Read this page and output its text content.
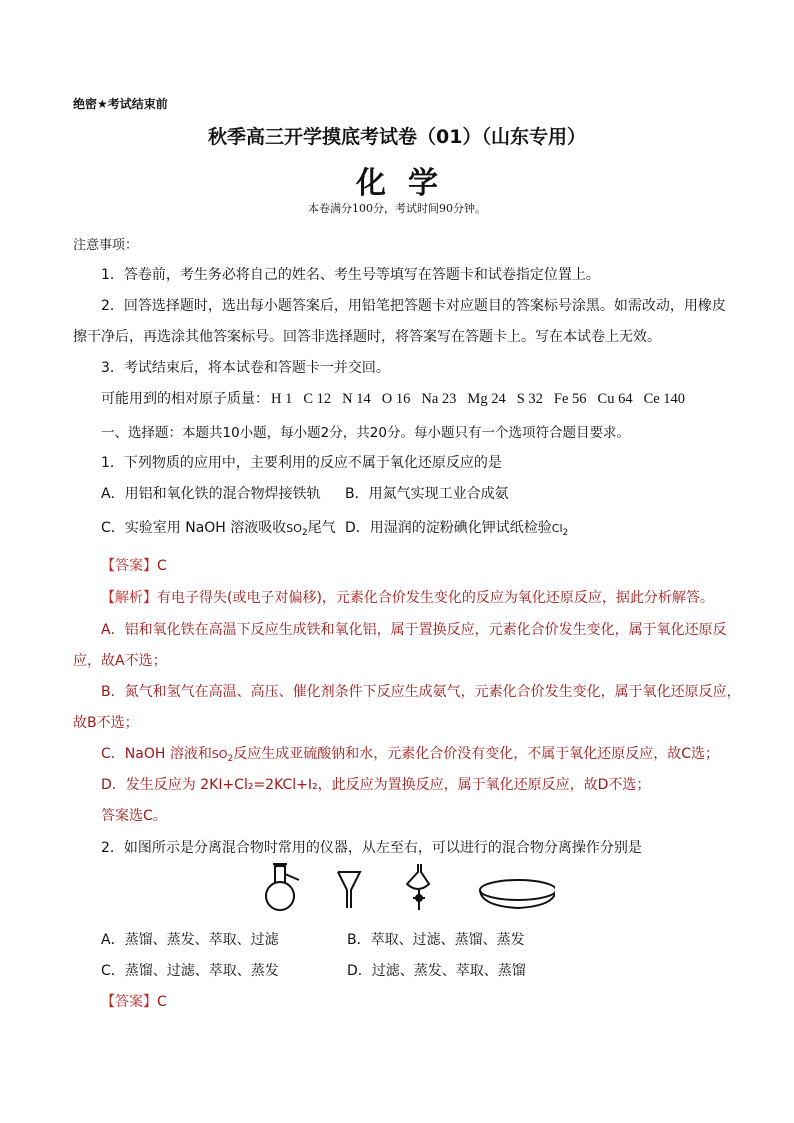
绝密★考试结束前
秋季高三开学摸底考试卷（01）（山东专用）
化学
本卷满分100分，考试时间90分钟。
注意事项：
1．答卷前，考生务必将自己的姓名、考生号等填写在答题卡和试卷指定位置上。
2．回答选择题时，选出每小题答案后，用铅笔把答题卡对应题目的答案标号涂黑。如需改动，用橡皮
擦干净后，再选涂其他答案标号。回答非选择题时，将答案写在答题卡上。写在本试卷上无效。
3．考试结束后，将本试卷和答题卡一并交回。
可能用到的相对原子质量： H 1 C 12 N 14 O 16 Na 23 Mg 24 S 32 Fe 56 Cu 64 Ce 140
一、选择题：本题共10小题，每小题2分，共20分。每小题只有一个选项符合题目要求。
1．下列物质的应用中，主要利用的反应不属于氧化还原反应的是
A．用铝和氧化铁的混合物焊接铁轨 B．用氮气实现工业合成氨
C．实验室用 NaOH 溶液吸收$SO_2$尾气 D．用湿润的淀粉碘化钾试纸检验$Cl_2$
【答案】C
【解析】有电子得失(或电子对偏移)，元素化合价发生变化的反应为氧化还原反应，据此分析解答。
A．铝和氧化铁在高温下反应生成铁和氧化铝，属于置换反应，元素化合价发生变化，属于氧化还原反
应，故A不选；
B．氮气和氢气在高温、高压、催化剂条件下反应生成氨气，元素化合价发生变化，属于氧化还原反应，
故B不选；
C．NaOH 溶液和$SO_2$反应生成亚硫酸钠和水，元素化合价没有变化，不属于氧化还原反应，故C选；
D．发生反应为 2KI+Cl₂=2KCl+I₂，此反应为置换反应，属于氧化还原反应，故D不选；
答案选C。
2．如图所示是分离混合物时常用的仪器，从左至右，可以进行的混合物分离操作分别是
A．蒸馏、蒸发、萃取、过滤	B．萃取、过滤、蒸馏、蒸发
C．蒸馏、过滤、萃取、蒸发	D．过滤、蒸发、萃取、蒸馏
【答案】C
